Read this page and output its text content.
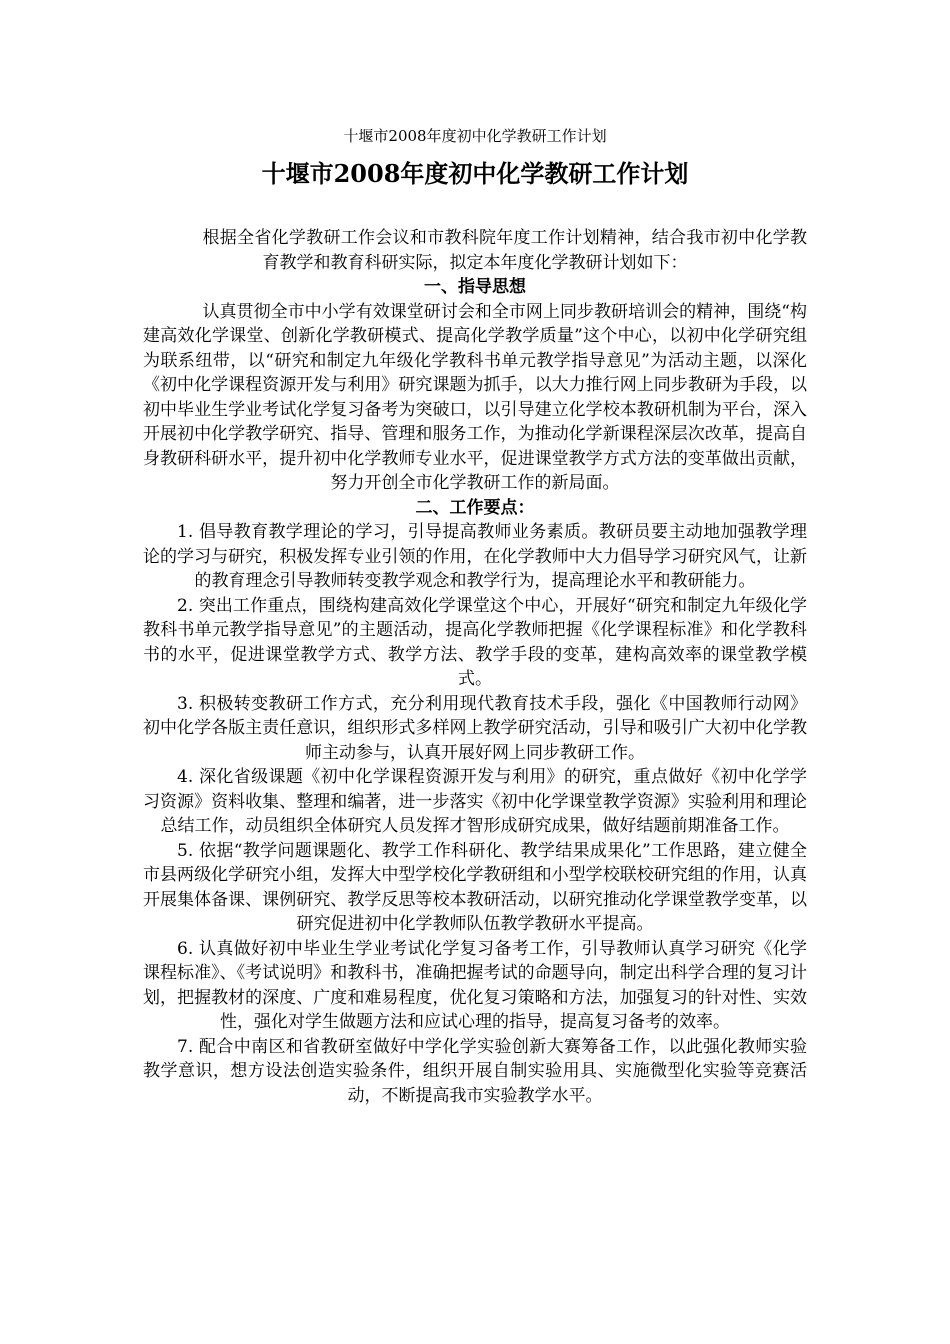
十堰市2008年度初中化学教研工作计划
十堰市2008年度初中化学教研工作计划

根据全省化学教研工作会议和市教科院年度工作计划精神，结合我市初中化学教育教学和教育科研实际，拟定本年度化学教研计划如下：

一、指导思想

认真贯彻全市中小学有效课堂研讨会和全市网上同步教研培训会的精神，围绕“构建高效化学课堂、创新化学教研模式、提高化学教学质量”这个中心，以初中化学研究组为联系纽带，以“研究和制定九年级化学教科书单元教学指导意见”为活动主题，以深化《初中化学课程资源开发与利用》研究课题为抓手，以大力推行网上同步教研为手段，以初中毕业生学业考试化学复习备考为突破口，以引导建立化学校本教研机制为平台，深入开展初中化学教学研究、指导、管理和服务工作，为推动化学新课程深层次改革，提高自身教研科研水平，提升初中化学教师专业水平，促进课堂教学方式方法的变革做出贡献，努力开创全市化学教研工作的新局面。

二、工作要点：

1. 倡导教育教学理论的学习，引导提高教师业务素质。教研员要主动地加强教学理论的学习与研究，积极发挥专业引领的作用，在化学教师中大力倡导学习研究风气，让新的教育理念引导教师转变教学观念和教学行为，提高理论水平和教研能力。

2. 突出工作重点，围绕构建高效化学课堂这个中心，开展好“研究和制定九年级化学教科书单元教学指导意见”的主题活动，提高化学教师把握《化学课程标准》和化学教科书的水平，促进课堂教学方式、教学方法、教学手段的变革，建构高效率的课堂教学模式。

3. 积极转变教研工作方式，充分利用现代教育技术手段，强化《中国教师行动网》初中化学各版主责任意识，组织形式多样网上教学研究活动，引导和吸引广大初中化学教师主动参与，认真开展好网上同步教研工作。

4. 深化省级课题《初中化学课程资源开发与利用》的研究，重点做好《初中化学学习资源》资料收集、整理和编著，进一步落实《初中化学课堂教学资源》实验利用和理论总结工作，动员组织全体研究人员发挥才智形成研究成果，做好结题前期准备工作。

5. 依据“教学问题课题化、教学工作科研化、教学结果成果化”工作思路，建立健全市县两级化学研究小组，发挥大中型学校化学教研组和小型学校联校研究组的作用，认真开展集体备课、课例研究、教学反思等校本教研活动，以研究推动化学课堂教学变革，以研究促进初中化学教师队伍教学教研水平提高。

6. 认真做好初中毕业生学业考试化学复习备考工作，引导教师认真学习研究《化学课程标准》、《考试说明》和教科书，准确把握考试的命题导向，制定出科学合理的复习计划，把握教材的深度、广度和难易程度，优化复习策略和方法，加强复习的针对性、实效性，强化对学生做题方法和应试心理的指导，提高复习备考的效率。

7. 配合中南区和省教研室做好中学化学实验创新大赛筹备工作，以此强化教师实验教学意识，想方设法创造实验条件，组织开展自制实验用具、实施微型化实验等竞赛活动，不断提高我市实验教学水平。
